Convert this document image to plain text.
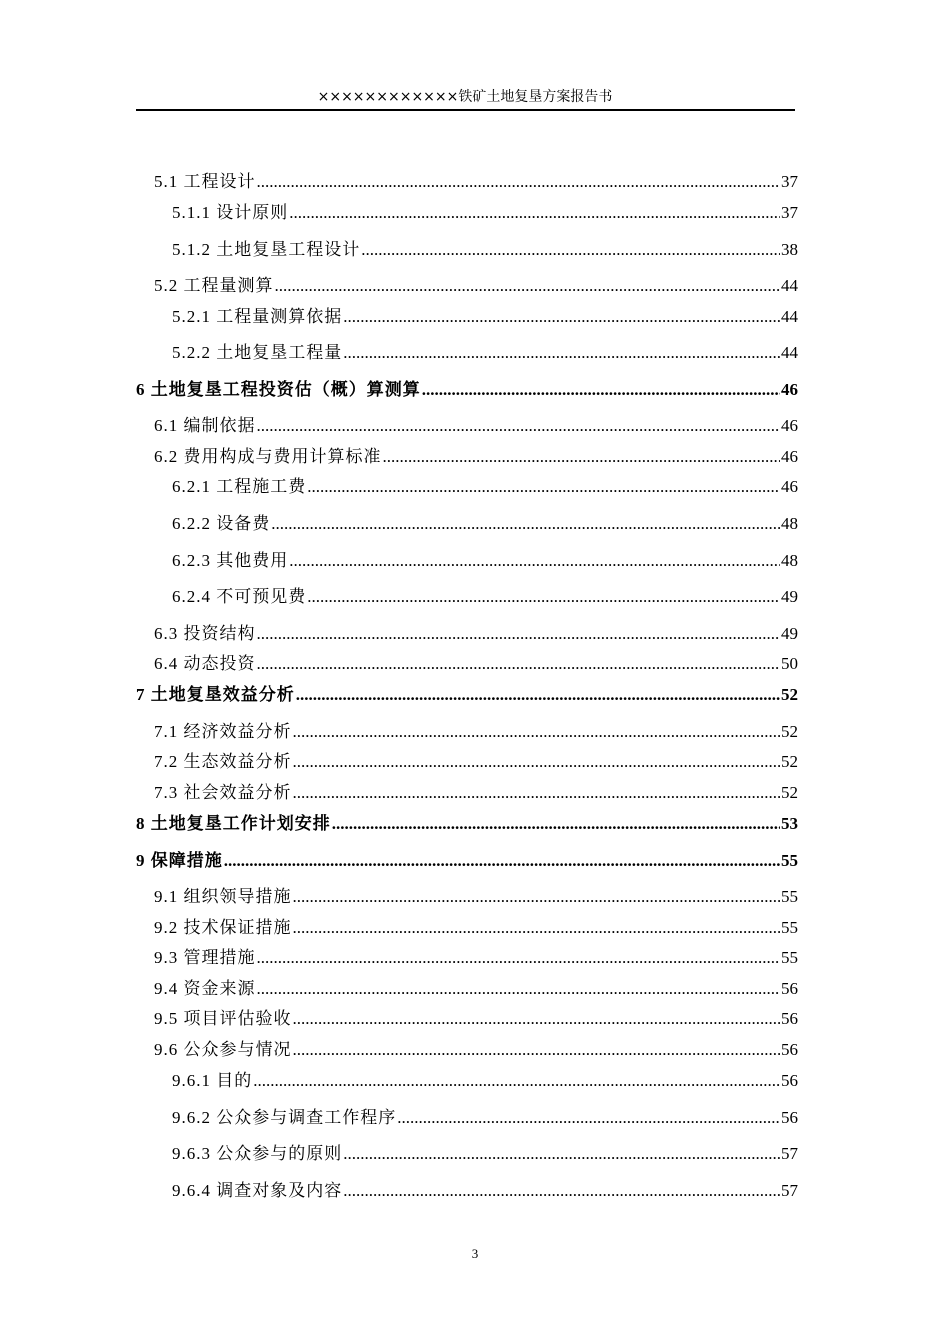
××××××××××××铁矿土地复垦方案报告书
5.1 工程设计 .....	37
5.1.1 设计原则 .....	37
5.1.2 土地复垦工程设计 .....	38
5.2 工程量测算 .....	44
5.2.1 工程量测算依据 .....	44
5.2.2 土地复垦工程量 .....	44
6 土地复垦工程投资估（概）算测算 .....	46
6.1 编制依据 .....	46
6.2 费用构成与费用计算标准 .....	46
6.2.1 工程施工费 .....	46
6.2.2 设备费 .....	48
6.2.3 其他费用 .....	48
6.2.4 不可预见费 .....	49
6.3 投资结构 .....	49
6.4 动态投资 .....	50
7 土地复垦效益分析 .....	52
7.1 经济效益分析 .....	52
7.2 生态效益分析 .....	52
7.3 社会效益分析 .....	52
8 土地复垦工作计划安排 .....	53
9 保障措施 .....	55
9.1 组织领导措施 .....	55
9.2 技术保证措施 .....	55
9.3 管理措施 .....	55
9.4 资金来源 .....	56
9.5 项目评估验收 .....	56
9.6 公众参与情况 .....	56
9.6.1 目的 .....	56
9.6.2 公众参与调查工作程序 .....	56
9.6.3 公众参与的原则 .....	57
9.6.4 调查对象及内容 .....	57
3
